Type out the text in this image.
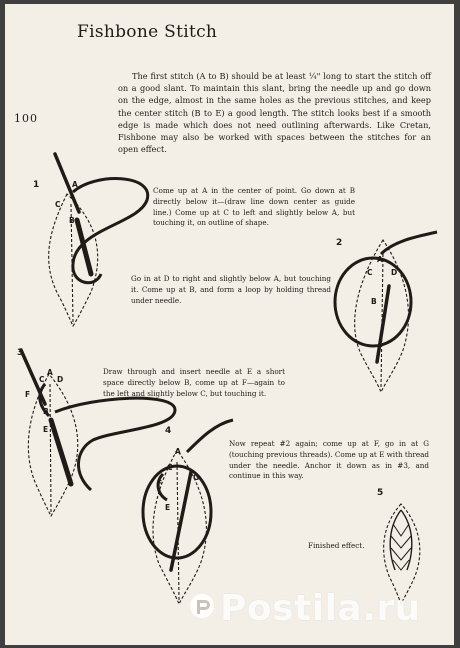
Fishbone Stitch
100

The first stitch (A to B) should be at least ¼" long to start the stitch off on a good slant. To maintain this slant, bring the needle up and go down on the edge, almost in the same holes as the previous stitches, and keep the center stitch (B to E) a good length. The stitch looks best if a smooth edge is made which does not need outlining afterwards. Like Cretan, Fishbone may also be worked with spaces between the stitches for an open effect.

A
C
B
A
C D
B
C
A
D
F
B
E
C
A
F
G
E
1
2
3
4
5
Come up at A in the center of point. Go down at B directly below it—(draw line down center as guide line.) Come up at C to left and slightly below A, but touching it, on outline of shape.
Go in at D to right and slightly below A, but touching it. Come up at B, and form a loop by holding thread under needle.
Draw through and insert needle at E a short space directly below B, come up at F—again to the left and slightly below C, but touching it.
Now repeat #2 again; come up at F, go in at G (touching previous threads). Come up at E with thread under the needle. Anchor it down as in #3, and continue in this way.
Finished effect.
Postila.ru
